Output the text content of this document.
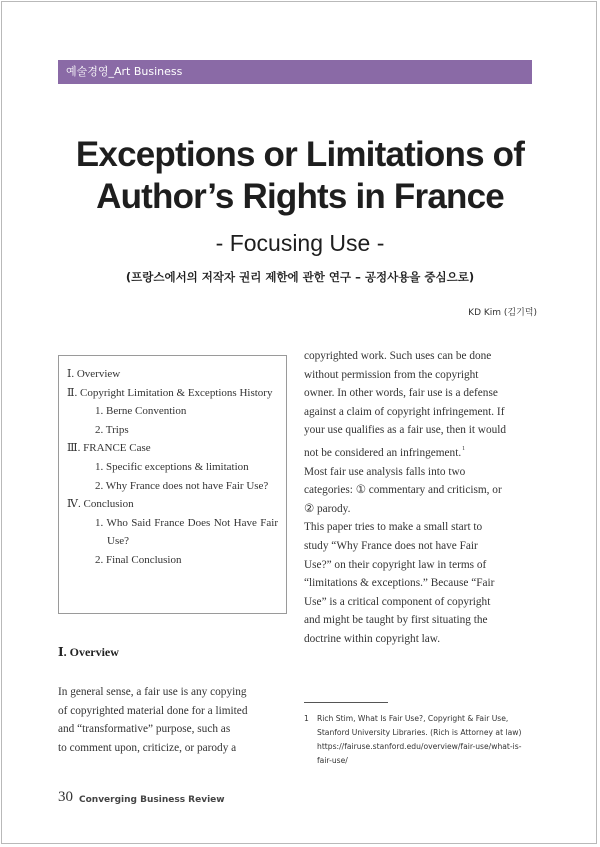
예술경영_Art Business
Exceptions or Limitations of
Author’s Rights in France
- Focusing Use -
(프랑스에서의 저작자 권리 제한에 관한 연구 – 공정사용을 중심으로)
KD Kim (김기덕)
Ⅰ. Overview
Ⅱ. Copyright Limitation & Exceptions History
1. Berne Convention
2. Trips
Ⅲ. FRANCE Case
1. Specific exceptions & limitation
2. Why France does not have Fair Use?
Ⅳ. Conclusion
1. Who Said France Does Not Have Fair Use?
2. Final Conclusion
Ⅰ. Overview
In general sense, a fair use is any copying
of copyrighted material done for a limited
and “transformative” purpose, such as
to comment upon, criticize, or parody a
copyrighted work. Such uses can be done
without permission from the copyright
owner. In other words, fair use is a defense
against a claim of copyright infringement. If
your use qualifies as a fair use, then it would
not be considered an infringement.$^1$
Most fair use analysis falls into two
categories: ① commentary and criticism, or
② parody.
This paper tries to make a small start to
study “Why France does not have Fair
Use?” on their copyright law in terms of
“limitations & exceptions.” Because “Fair
Use” is a critical component of copyright
and might be taught by first situating the
doctrine within copyright law.
1	Rich Stim, What Is Fair Use?, Copyright & Fair Use, Stanford University Libraries. (Rich is Attorney at law) https://fairuse.stanford.edu/overview/fair-use/what-is-fair-use/
30 Converging Business Review
